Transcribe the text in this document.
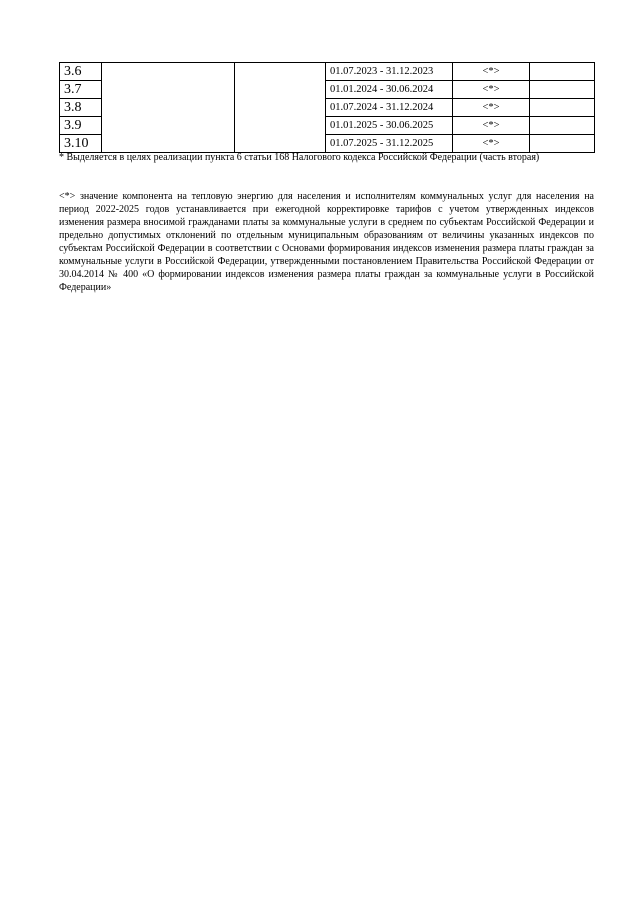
3.6			01.07.2023 - 31.12.2023	<*>	
3.7			01.01.2024 - 30.06.2024	<*>	
3.8			01.07.2024 - 31.12.2024	<*>	
3.9			01.01.2025 - 30.06.2025	<*>	
3.10			01.07.2025 - 31.12.2025	<*>	
* Выделяется в целях реализации пункта 6 статьи 168 Налогового кодекса Российской Федерации (часть вторая)
<*> значение компонента на тепловую энергию для населения и исполнителям коммунальных услуг для населения на период 2022-2025 годов устанавливается при ежегодной корректировке тарифов с учетом утвержденных индексов изменения размера вносимой гражданами платы за коммунальные услуги в среднем по субъектам Российской Федерации и предельно допустимых отклонений по отдельным муниципальным образованиям от величины указанных индексов по субъектам Российской Федерации в соответствии с Основами формирования индексов изменения размера платы граждан за коммунальные услуги в Российской Федерации, утвержденными постановлением Правительства Российской Федерации от 30.04.2014 № 400 «О формировании индексов изменения размера платы граждан за коммунальные услуги в Российской Федерации»
